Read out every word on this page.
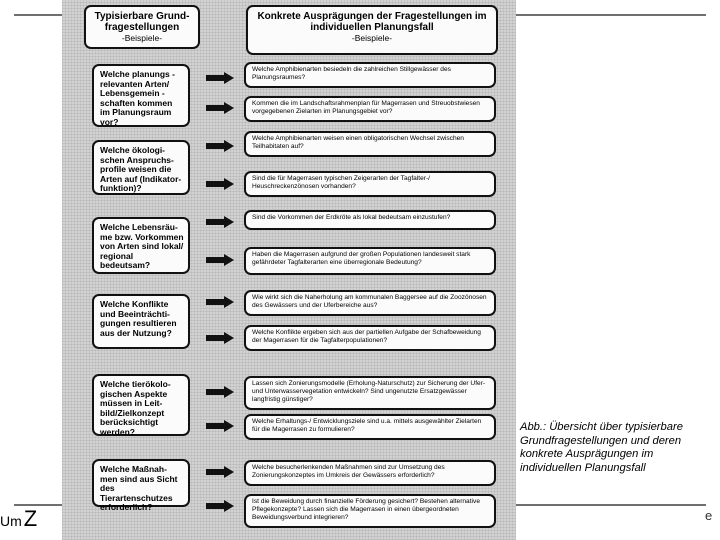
Typisierbare Grund-fragestellungen
-Beispiele-
Konkrete Ausprägungen der Fragestellungen im individuellen Planungsfall
-Beispiele-
Welche planungs - relevanten Arten/ Lebensgemein - schaften kommen im Planungsraum vor?
Welche ökologi-schen Anspruchs-profile weisen die Arten auf (Indikator-funktion)?
Welche Lebensräu-me bzw. Vorkommen von Arten sind lokal/ regional bedeutsam?
Welche Konflikte und Beeinträchti-gungen resultieren aus der Nutzung?
Welche tierökolo-gischen Aspekte müssen in Leit-bild/Zielkonzept berücksichtigt werden?
Welche Maßnah-men sind aus Sicht des Tierartenschutzes erforderlich?
Welche Amphibienarten besiedeln die zahlreichen Stillgewässer des Planungsraumes?
Kommen die im Landschaftsrahmenplan für Magerrasen und Streuobstwiesen vorgegebenen Zielarten im Planungsgebiet vor?
Welche Amphibienarten weisen einen obligatorischen Wechsel zwischen Teilhabitaten auf?
Sind die für Magerrasen typischen Zeigerarten der Tagfalter-/ Heuschreckenzönosen vorhanden?
Sind die Vorkommen der Erdkröte als lokal bedeutsam einzustufen?
Haben die Magerrasen aufgrund der großen Populationen landesweit stark gefährdeter Tagfalterarten eine überregionale Bedeutung?
Wie wirkt sich die Naherholung am kommunalen Baggersee auf die Zoozönosen des Gewässers und der Uferbereiche aus?
Welche Konflikte ergeben sich aus der partiellen Aufgabe der Schafbeweidung der Magerrasen für die Tagfalterpopulationen?
Lassen sich Zonierungsmodelle (Erholung-Naturschutz) zur Sicherung der Ufer- und Unterwasservegetation entwickeln? Sind ungenutzte Ersatzgewässer langfristig günstiger?
Welche Erhaltungs-/ Entwicklungsziele sind u.a. mittels ausgewählter Zielarten für die Magerrasen zu formulieren?
Welche besucherlenkenden Maßnahmen sind zur Umsetzung des Zonierungskonzeptes im Umkreis der Gewässers erforderlich?
Ist die Beweidung durch finanzielle Förderung gesichert? Bestehen alternative Pflegekonzepte? Lassen sich die Magerrasen in einen übergeordneten Beweidungsverbund integrieren?
Abb.: Übersicht über typisierbare Grundfragestellungen und deren konkrete Ausprägungen im individuellen Planungsfall
UmZ	e
